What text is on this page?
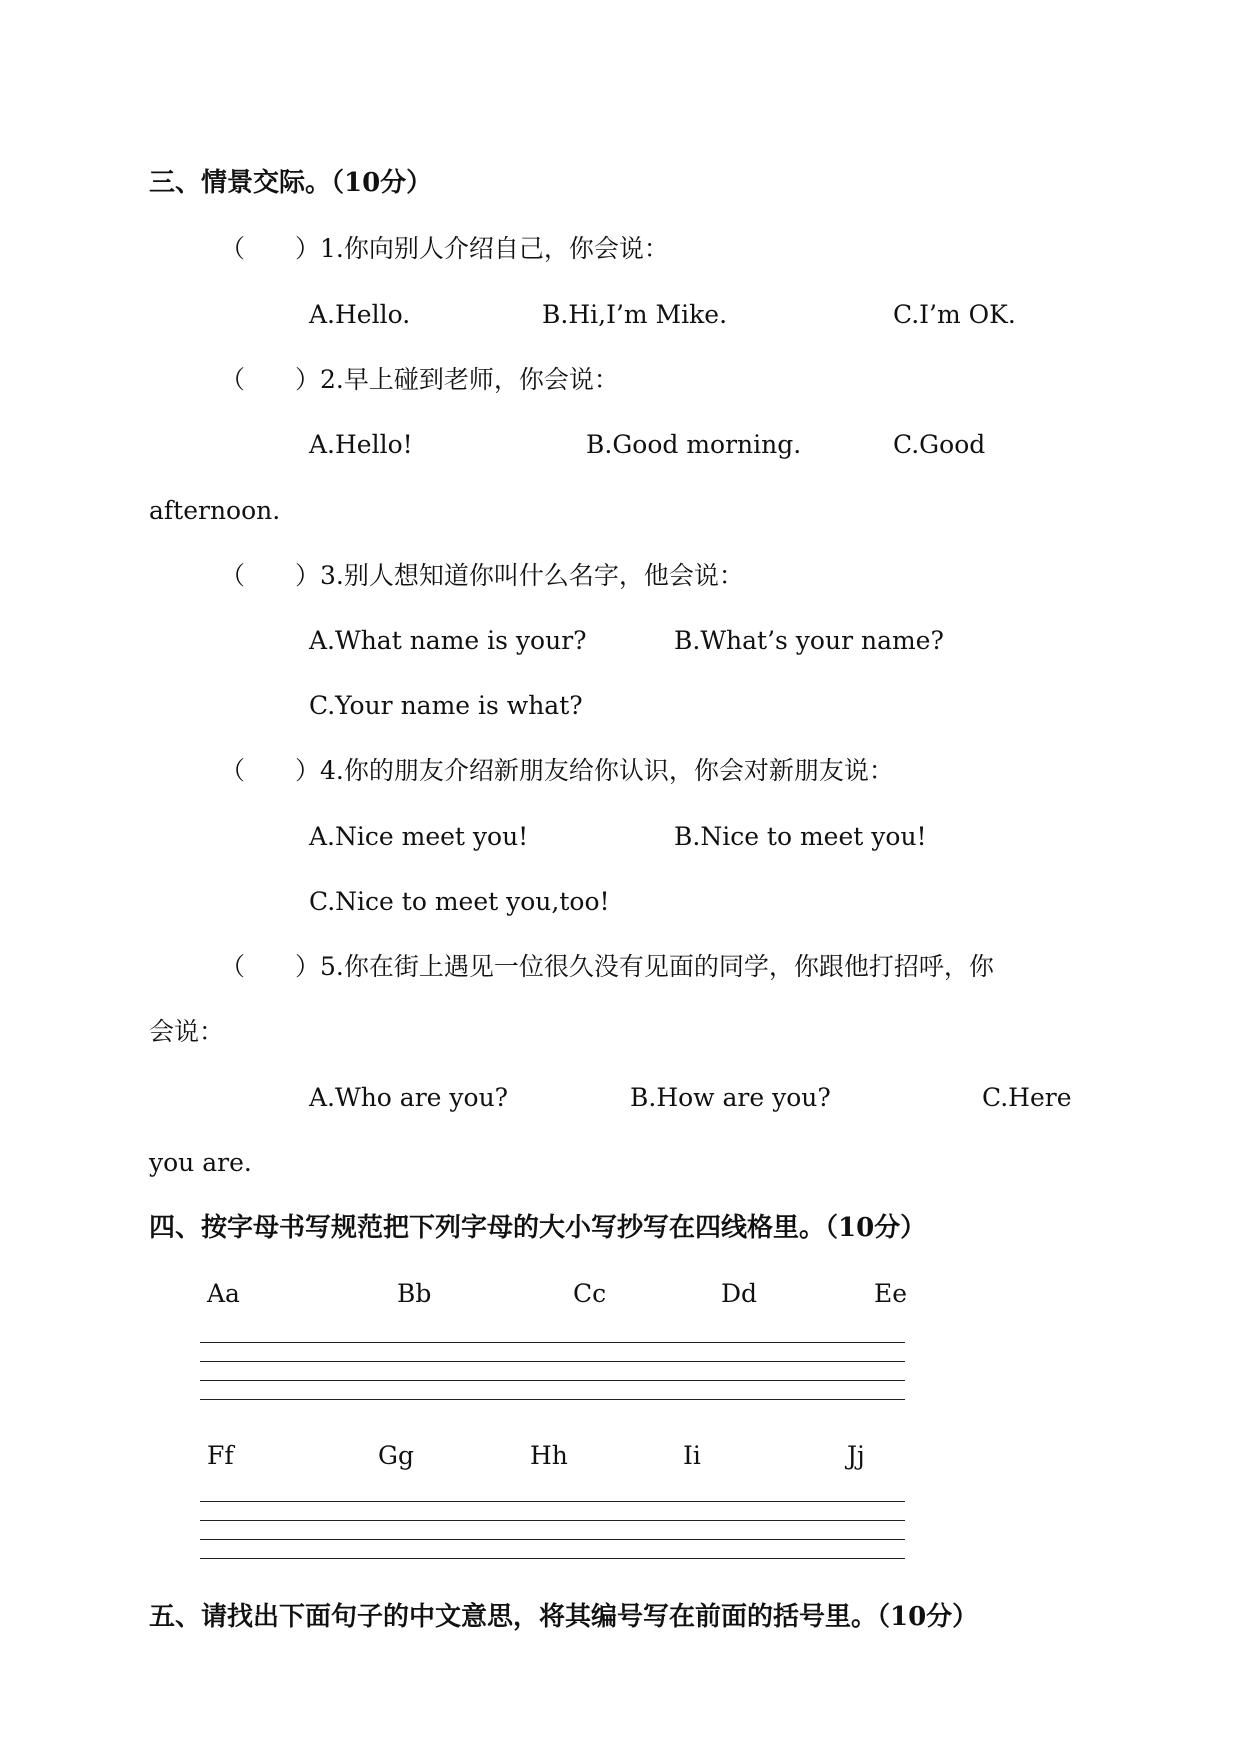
三、情景交际。（10分）
（　　）1.你向别人介绍自己，你会说：
A.Hello.	B.Hi,I’m Mike.	C.I’m OK.
（　　）2.早上碰到老师，你会说：
A.Hello!	B.Good morning.	C.Good
afternoon.
（　　）3.别人想知道你叫什么名字，他会说：
A.What name is your?	B.What’s your name?
C.Your name is what?
（　　）4.你的朋友介绍新朋友给你认识，你会对新朋友说：
A.Nice meet you!	B.Nice to meet you!
C.Nice to meet you,too!
（　　）5.你在街上遇见一位很久没有见面的同学，你跟他打招呼，你
会说：
A.Who are you?	B.How are you?	C.Here
you are.
四、按字母书写规范把下列字母的大小写抄写在四线格里。（10分）
Aa	Bb	Cc	Dd	Ee
Ff	Gg	Hh	Ii	Jj
五、请找出下面句子的中文意思，将其编号写在前面的括号里。（10分）
